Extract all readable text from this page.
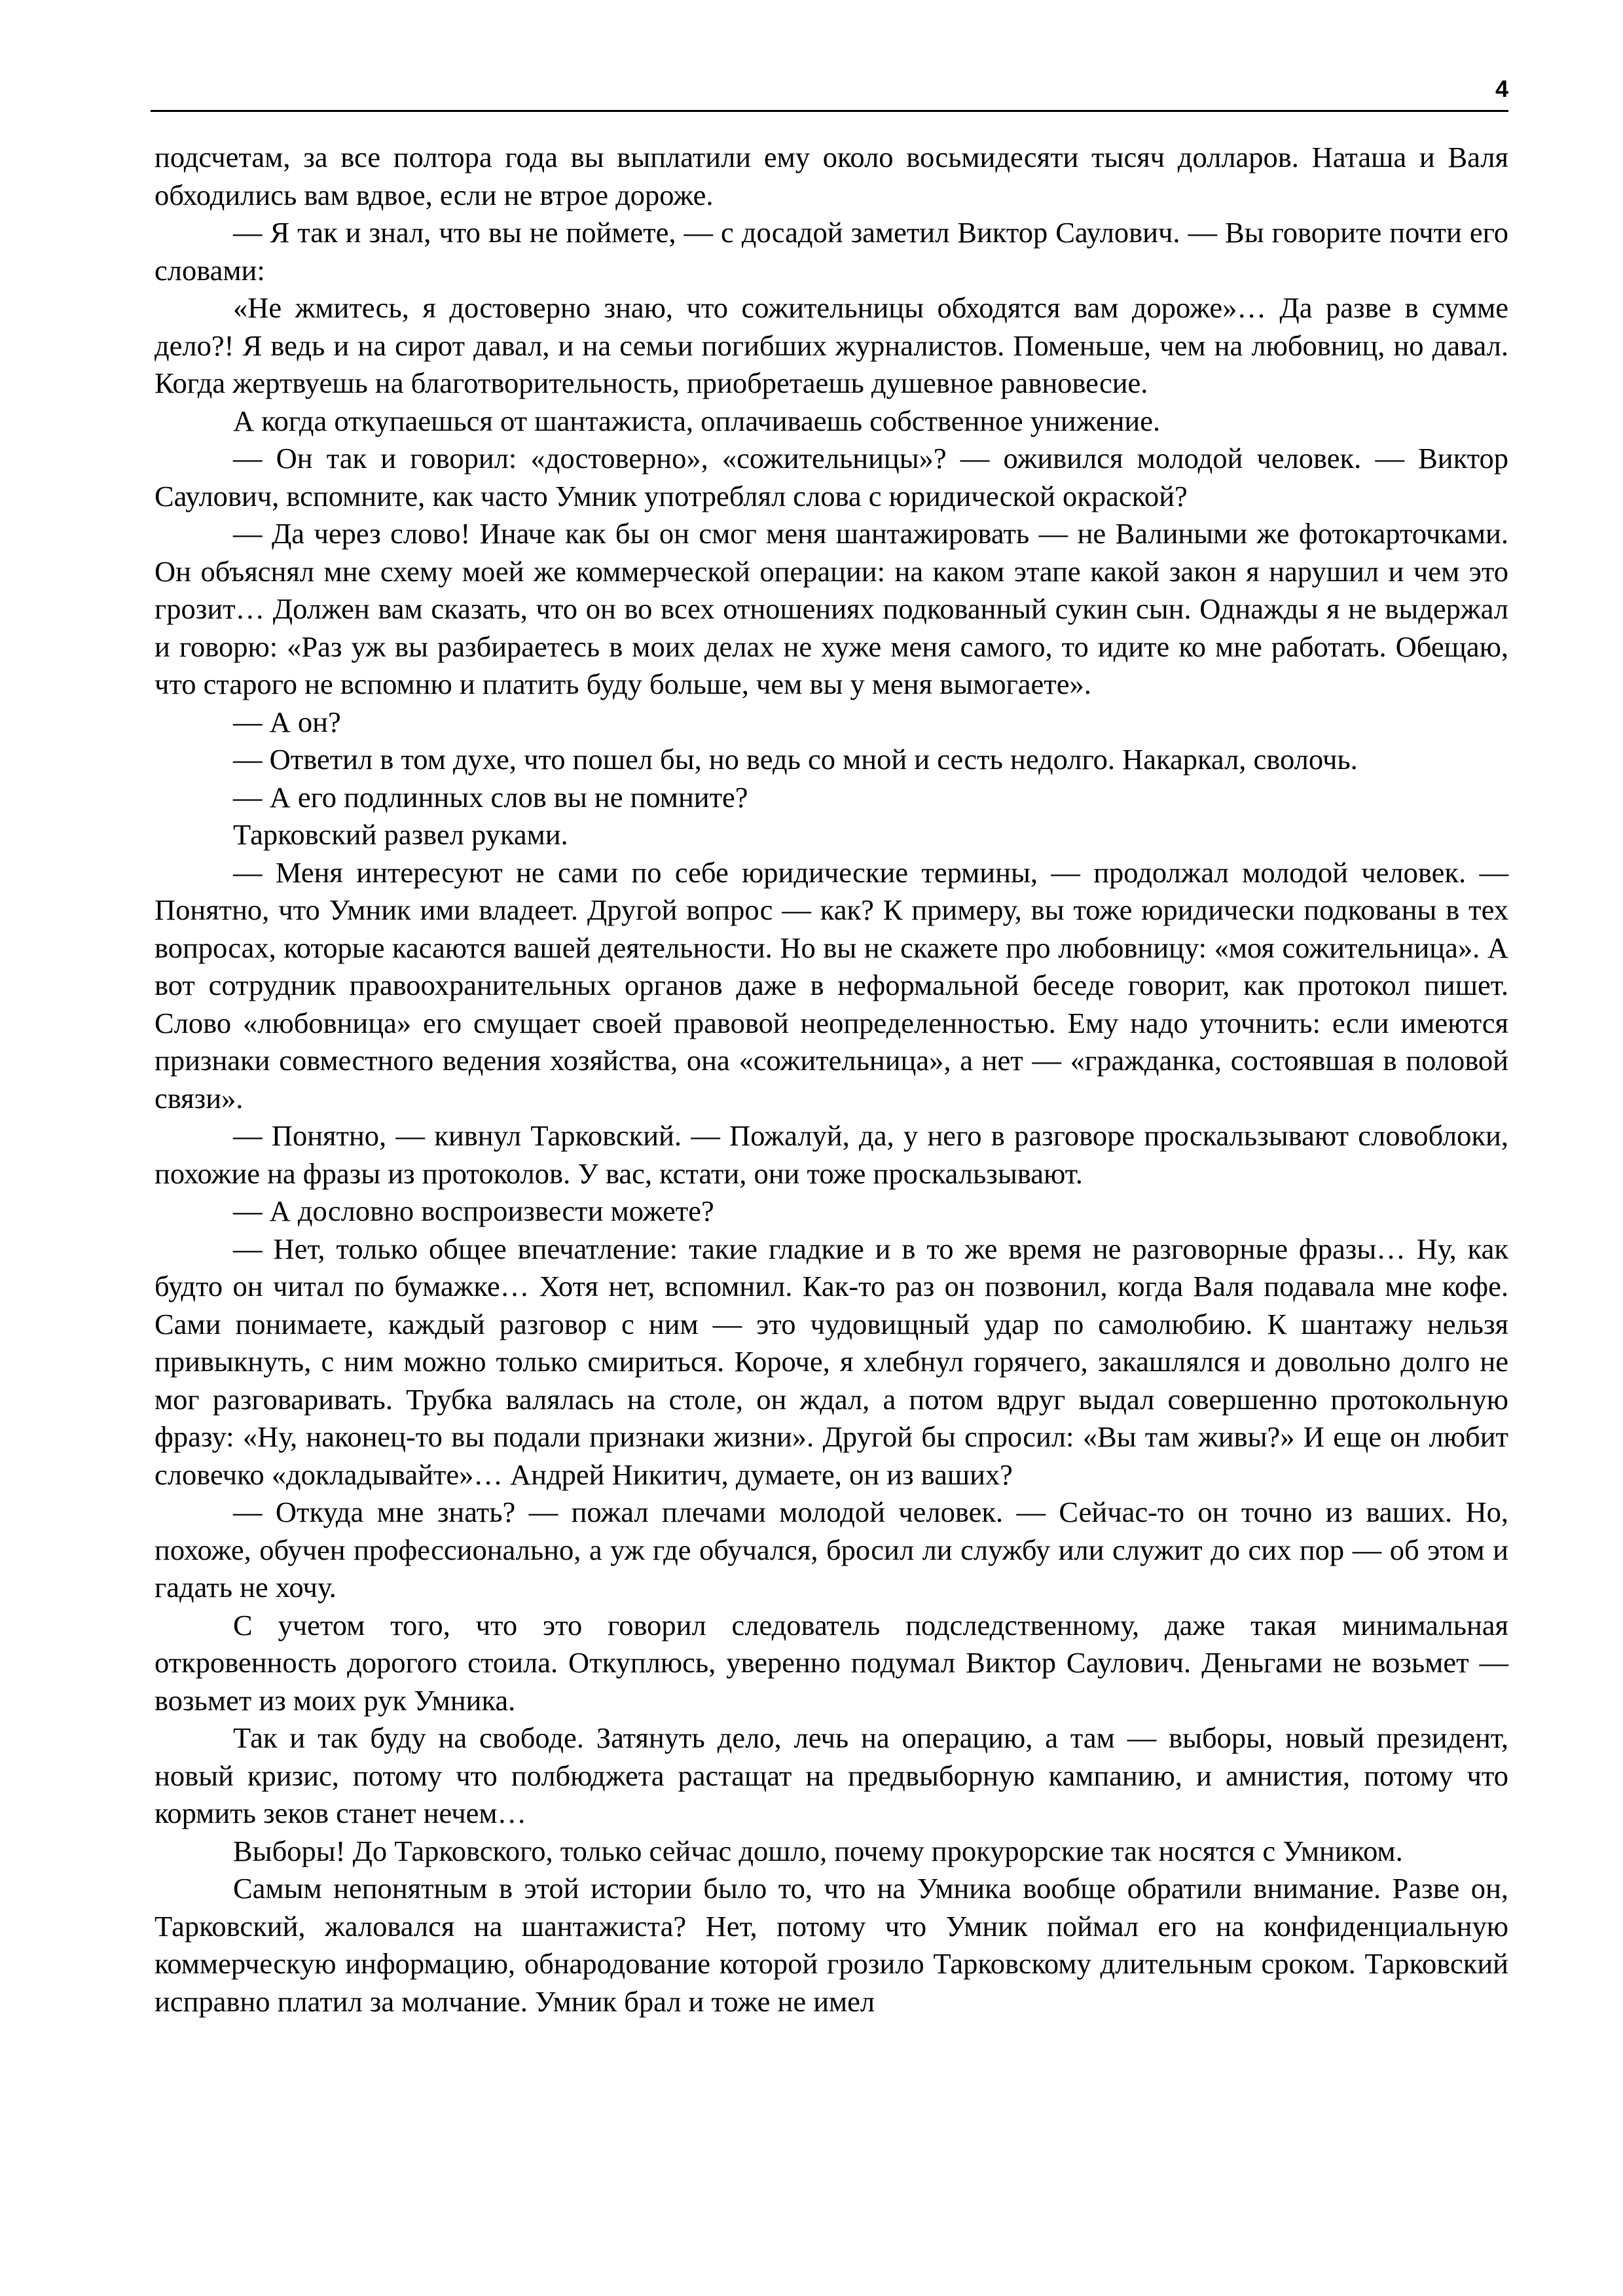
4

подсчетам, за все полтора года вы выплатили ему около восьмидесяти тысяч долларов. Наташа и Валя обходились вам вдвое, если не втрое дороже.

— Я так и знал, что вы не поймете, — с досадой заметил Виктор Саулович. — Вы говорите почти его словами:

«Не жмитесь, я достоверно знаю, что сожительницы обходятся вам дороже»… Да разве в сумме дело?! Я ведь и на сирот давал, и на семьи погибших журналистов. Поменьше, чем на любовниц, но давал. Когда жертвуешь на благотворительность, приобретаешь душевное равновесие.

А когда откупаешься от шантажиста, оплачиваешь собственное унижение.

— Он так и говорил: «достоверно», «сожительницы»? — оживился молодой человек. — Виктор Саулович, вспомните, как часто Умник употреблял слова с юридической окраской?

— Да через слово! Иначе как бы он смог меня шантажировать — не Валиными же фотокарточками. Он объяснял мне схему моей же коммерческой операции: на каком этапе какой закон я нарушил и чем это грозит… Должен вам сказать, что он во всех отношениях подкованный сукин сын. Однажды я не выдержал и говорю: «Раз уж вы разбираетесь в моих делах не хуже меня самого, то идите ко мне работать. Обещаю, что старого не вспомню и платить буду больше, чем вы у меня вымогаете».

— А он?

— Ответил в том духе, что пошел бы, но ведь со мной и сесть недолго. Накаркал, сволочь.

— А его подлинных слов вы не помните?

Тарковский развел руками.

— Меня интересуют не сами по себе юридические термины, — продолжал молодой человек. — Понятно, что Умник ими владеет. Другой вопрос — как? К примеру, вы тоже юридически подкованы в тех вопросах, которые касаются вашей деятельности. Но вы не скажете про любовницу: «моя сожительница». А вот сотрудник правоохранительных органов даже в неформальной беседе говорит, как протокол пишет. Слово «любовница» его смущает своей правовой неопределенностью. Ему надо уточнить: если имеются признаки совместного ведения хозяйства, она «сожительница», а нет — «гражданка, состоявшая в половой связи».

— Понятно, — кивнул Тарковский. — Пожалуй, да, у него в разговоре проскальзывают словоблоки, похожие на фразы из протоколов. У вас, кстати, они тоже проскальзывают.

— А дословно воспроизвести можете?

— Нет, только общее впечатление: такие гладкие и в то же время не разговорные фразы… Ну, как будто он читал по бумажке… Хотя нет, вспомнил. Как-то раз он позвонил, когда Валя подавала мне кофе. Сами понимаете, каждый разговор с ним — это чудовищный удар по самолюбию. К шантажу нельзя привыкнуть, с ним можно только смириться. Короче, я хлебнул горячего, закашлялся и довольно долго не мог разговаривать. Трубка валялась на столе, он ждал, а потом вдруг выдал совершенно протокольную фразу: «Ну, наконец-то вы подали признаки жизни». Другой бы спросил: «Вы там живы?» И еще он любит словечко «докладывайте»… Андрей Никитич, думаете, он из ваших?

— Откуда мне знать? — пожал плечами молодой человек. — Сейчас-то он точно из ваших. Но, похоже, обучен профессионально, а уж где обучался, бросил ли службу или служит до сих пор — об этом и гадать не хочу.

С учетом того, что это говорил следователь подследственному, даже такая минимальная откровенность дорогого стоила. Откуплюсь, уверенно подумал Виктор Саулович. Деньгами не возьмет — возьмет из моих рук Умника.

Так и так буду на свободе. Затянуть дело, лечь на операцию, а там — выборы, новый президент, новый кризис, потому что полбюджета растащат на предвыборную кампанию, и амнистия, потому что кормить зеков станет нечем…

Выборы! До Тарковского, только сейчас дошло, почему прокурорские так носятся с Умником.

Самым непонятным в этой истории было то, что на Умника вообще обратили внимание. Разве он, Тарковский, жаловался на шантажиста? Нет, потому что Умник поймал его на конфиденциальную коммерческую информацию, обнародование которой грозило Тарковскому длительным сроком. Тарковский исправно платил за молчание. Умник брал и тоже не имел
